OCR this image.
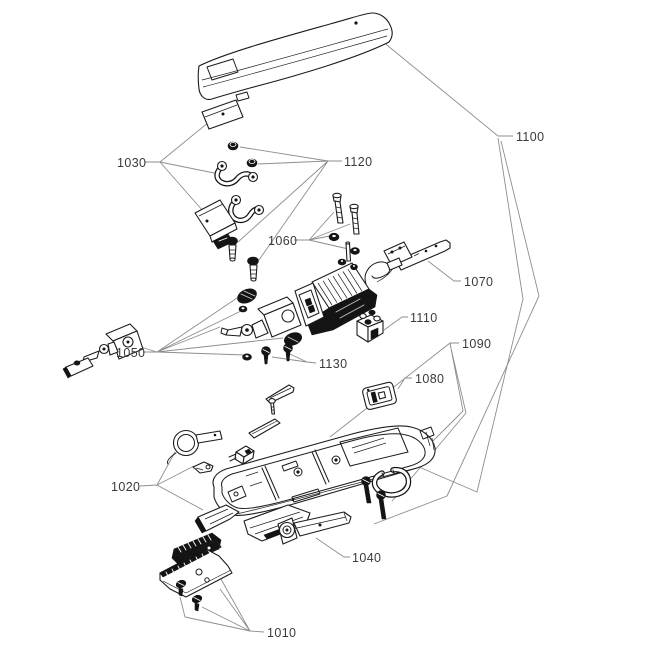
1100
1030	1120
1060
1070
1110
1050
1130
1090
1080
1020
1040
1010
